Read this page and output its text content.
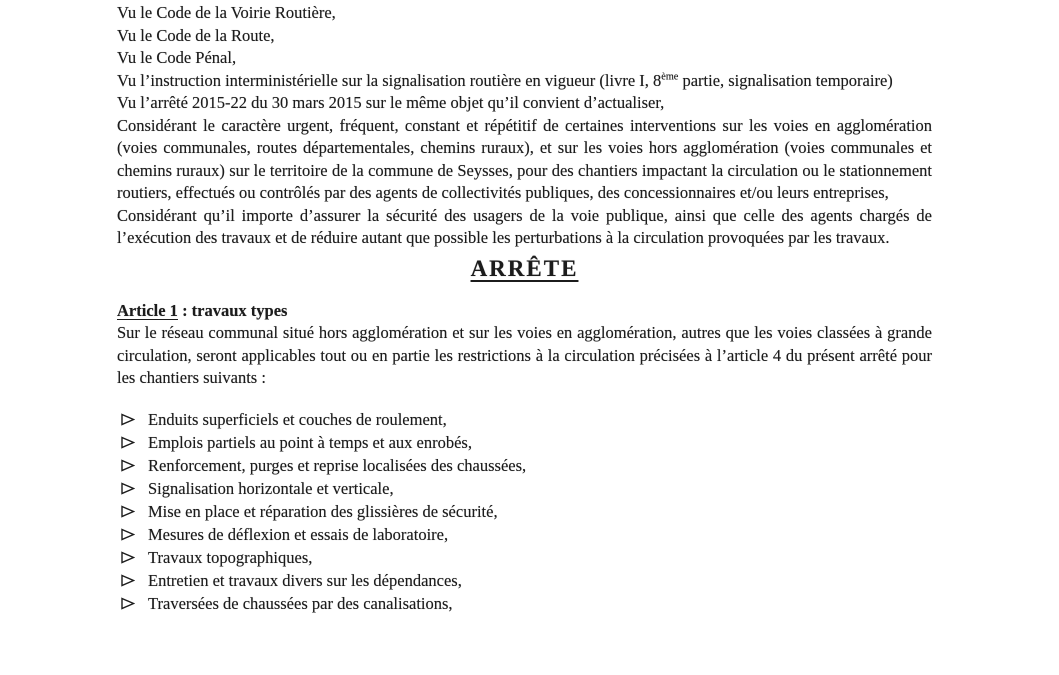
Vu le Code de la Voirie Routière,

Vu le Code de la Route,

Vu le Code Pénal,

Vu l’instruction interministérielle sur la signalisation routière en vigueur (livre I, 8ème partie, signalisation temporaire)

Vu l’arrêté 2015-22 du 30 mars 2015 sur le même objet qu’il convient d’actualiser,

Considérant le caractère urgent, fréquent, constant et répétitif de certaines interventions sur les voies en agglomération (voies communales, routes départementales, chemins ruraux), et sur les voies hors agglomération (voies communales et chemins ruraux) sur le territoire de la commune de Seysses, pour des chantiers impactant la circulation ou le stationnement routiers, effectués ou contrôlés par des agents de collectivités publiques, des concessionnaires et/ou leurs entreprises,

Considérant qu’il importe d’assurer la sécurité des usagers de la voie publique, ainsi que celle des agents chargés de l’exécution des travaux et de réduire autant que possible les perturbations à la circulation provoquées par les travaux.

ARRÊTE

Article 1 : travaux types

Sur le réseau communal situé hors agglomération et sur les voies en agglomération, autres que les voies classées à grande circulation, seront applicables tout ou en partie les restrictions à la circulation précisées à l’article 4 du présent arrêté pour les chantiers suivants :

Enduits superficiels et couches de roulement,
Emplois partiels au point à temps et aux enrobés,
Renforcement, purges et reprise localisées des chaussées,
Signalisation horizontale et verticale,
Mise en place et réparation des glissières de sécurité,
Mesures de déflexion et essais de laboratoire,
Travaux topographiques,
Entretien et travaux divers sur les dépendances,
Traversées de chaussées par des canalisations,
